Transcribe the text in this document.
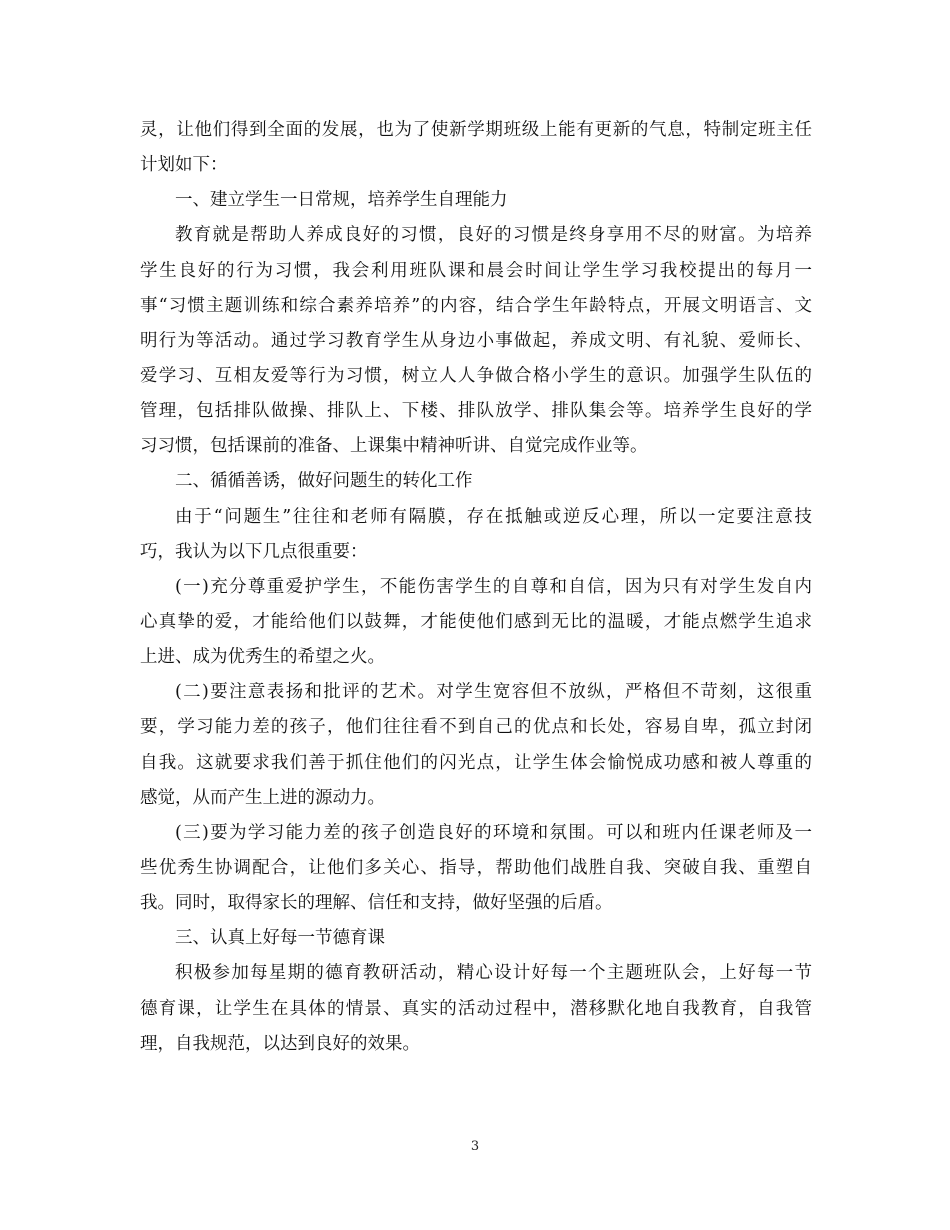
灵，让他们得到全面的发展，也为了使新学期班级上能有更新的气息，特制定班主任
计划如下：
一、建立学生一日常规，培养学生自理能力
教育就是帮助人养成良好的习惯，良好的习惯是终身享用不尽的财富。为培养
学生良好的行为习惯，我会利用班队课和晨会时间让学生学习我校提出的每月一
事“习惯主题训练和综合素养培养”的内容，结合学生年龄特点，开展文明语言、文
明行为等活动。通过学习教育学生从身边小事做起，养成文明、有礼貌、爱师长、
爱学习、互相友爱等行为习惯，树立人人争做合格小学生的意识。加强学生队伍的
管理，包括排队做操、排队上、下楼、排队放学、排队集会等。培养学生良好的学
习习惯，包括课前的准备、上课集中精神听讲、自觉完成作业等。
二、循循善诱，做好问题生的转化工作
由于“问题生”往往和老师有隔膜，存在抵触或逆反心理，所以一定要注意技
巧，我认为以下几点很重要：
(一)充分尊重爱护学生，不能伤害学生的自尊和自信，因为只有对学生发自内
心真挚的爱，才能给他们以鼓舞，才能使他们感到无比的温暖，才能点燃学生追求
上进、成为优秀生的希望之火。
(二)要注意表扬和批评的艺术。对学生宽容但不放纵，严格但不苛刻，这很重
要，学习能力差的孩子，他们往往看不到自己的优点和长处，容易自卑，孤立封闭
自我。这就要求我们善于抓住他们的闪光点，让学生体会愉悦成功感和被人尊重的
感觉，从而产生上进的源动力。
(三)要为学习能力差的孩子创造良好的环境和氛围。可以和班内任课老师及一
些优秀生协调配合，让他们多关心、指导，帮助他们战胜自我、突破自我、重塑自
我。同时，取得家长的理解、信任和支持，做好坚强的后盾。
三、认真上好每一节德育课
积极参加每星期的德育教研活动，精心设计好每一个主题班队会，上好每一节
德育课，让学生在具体的情景、真实的活动过程中，潜移默化地自我教育，自我管
理，自我规范，以达到良好的效果。
3
